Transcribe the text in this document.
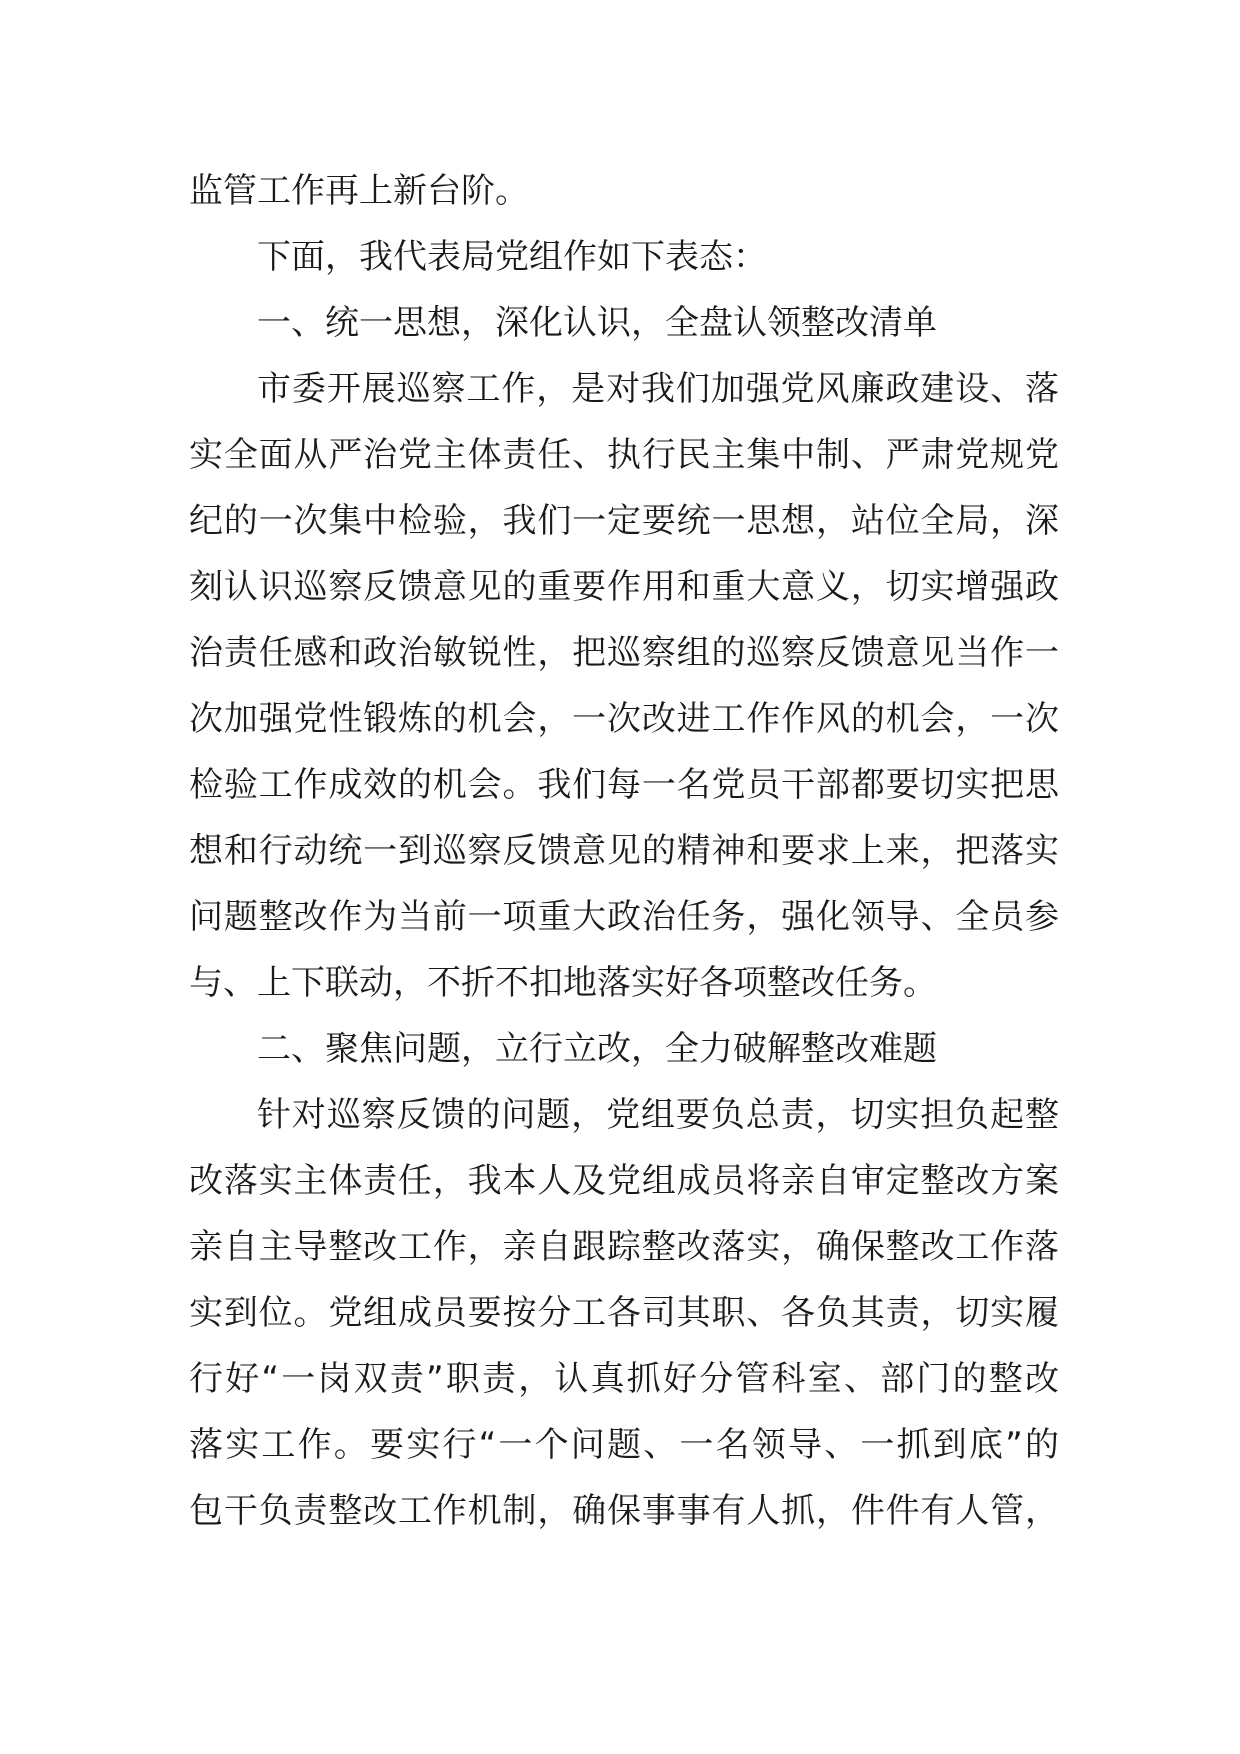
监管工作再上新台阶。
下面，我代表局党组作如下表态：
一、统一思想，深化认识，全盘认领整改清单
市委开展巡察工作，是对我们加强党风廉政建设、落
实全面从严治党主体责任、执行民主集中制、严肃党规党
纪的一次集中检验，我们一定要统一思想，站位全局，深
刻认识巡察反馈意见的重要作用和重大意义，切实增强政
治责任感和政治敏锐性，把巡察组的巡察反馈意见当作一
次加强党性锻炼的机会，一次改进工作作风的机会，一次
检验工作成效的机会。我们每一名党员干部都要切实把思
想和行动统一到巡察反馈意见的精神和要求上来，把落实
问题整改作为当前一项重大政治任务，强化领导、全员参
与、上下联动，不折不扣地落实好各项整改任务。
二、聚焦问题，立行立改，全力破解整改难题
针对巡察反馈的问题，党组要负总责，切实担负起整
改落实主体责任，我本人及党组成员将亲自审定整改方案
亲自主导整改工作，亲自跟踪整改落实，确保整改工作落
实到位。党组成员要按分工各司其职、各负其责，切实履
行好“一岗双责”职责，认真抓好分管科室、部门的整改
落实工作。要实行“一个问题、一名领导、一抓到底”的
包干负责整改工作机制，确保事事有人抓，件件有人管，
